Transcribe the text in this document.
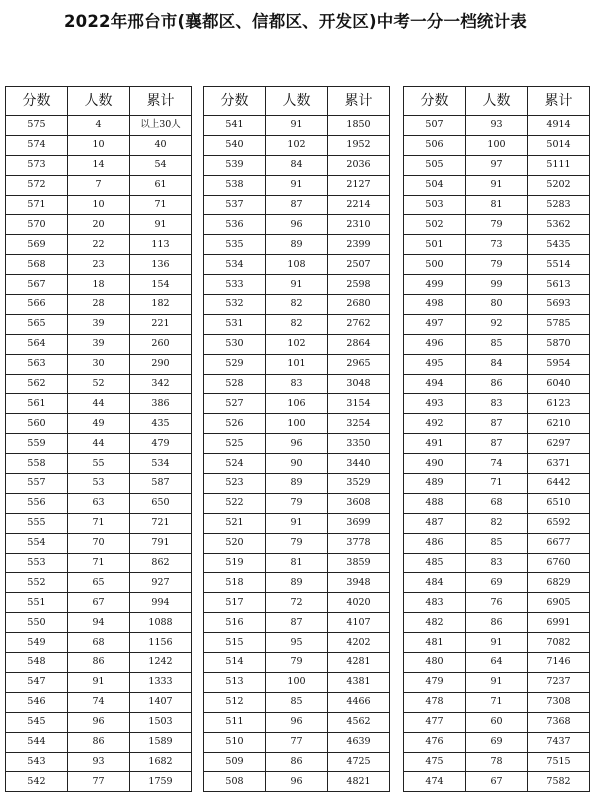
2022年邢台市(襄都区、信都区、开发区)中考一分一档统计表
分数	人数	累计
575	4	以上30人
574	10	40
573	14	54
572	7	61
571	10	71
570	20	91
569	22	113
568	23	136
567	18	154
566	28	182
565	39	221
564	39	260
563	30	290
562	52	342
561	44	386
560	49	435
559	44	479
558	55	534
557	53	587
556	63	650
555	71	721
554	70	791
553	71	862
552	65	927
551	67	994
550	94	1088
549	68	1156
548	86	1242
547	91	1333
546	74	1407
545	96	1503
544	86	1589
543	93	1682
542	77	1759
分数	人数	累计
541	91	1850
540	102	1952
539	84	2036
538	91	2127
537	87	2214
536	96	2310
535	89	2399
534	108	2507
533	91	2598
532	82	2680
531	82	2762
530	102	2864
529	101	2965
528	83	3048
527	106	3154
526	100	3254
525	96	3350
524	90	3440
523	89	3529
522	79	3608
521	91	3699
520	79	3778
519	81	3859
518	89	3948
517	72	4020
516	87	4107
515	95	4202
514	79	4281
513	100	4381
512	85	4466
511	96	4562
510	77	4639
509	86	4725
508	96	4821
分数	人数	累计
507	93	4914
506	100	5014
505	97	5111
504	91	5202
503	81	5283
502	79	5362
501	73	5435
500	79	5514
499	99	5613
498	80	5693
497	92	5785
496	85	5870
495	84	5954
494	86	6040
493	83	6123
492	87	6210
491	87	6297
490	74	6371
489	71	6442
488	68	6510
487	82	6592
486	85	6677
485	83	6760
484	69	6829
483	76	6905
482	86	6991
481	91	7082
480	64	7146
479	91	7237
478	71	7308
477	60	7368
476	69	7437
475	78	7515
474	67	7582
